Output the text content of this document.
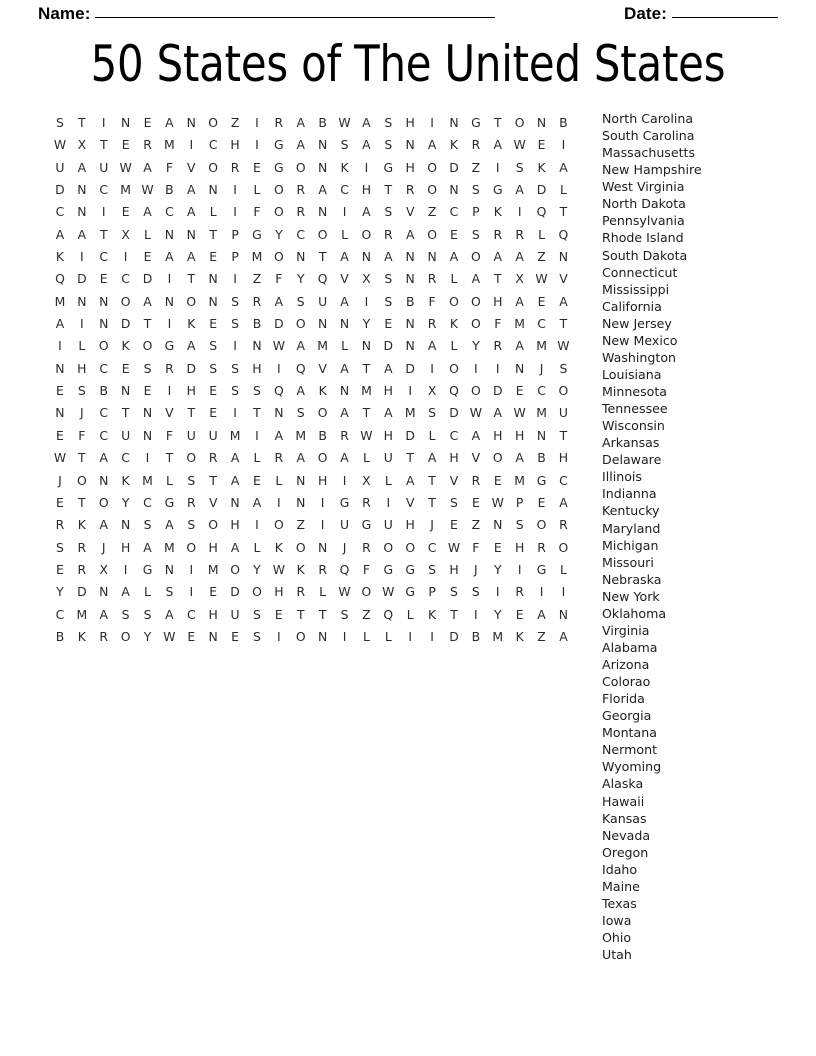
Name:	Date:
50 States of The United States
S	T	I	N	E	A	N	O	Z	I	R	A	B	W	A	S	H	I	N	G	T	O	N	B
W	X	T	E	R	M	I	C	H	I	G	A	N	S	A	S	N	A	K	R	A	W	E	I
U	A	U	W	A	F	V	O	R	E	G	O	N	K	I	G	H	O	D	Z	I	S	K	A
D	N	C	M	W	B	A	N	I	L	O	R	A	C	H	T	R	O	N	S	G	A	D	L
C	N	I	E	A	C	A	L	I	F	O	R	N	I	A	S	V	Z	C	P	K	I	Q	T
A	A	T	X	L	N	N	T	P	G	Y	C	O	L	O	R	A	O	E	S	R	R	L	Q
K	I	C	I	E	A	A	E	P	M	O	N	T	A	N	A	N	N	A	O	A	A	Z	N
Q	D	E	C	D	I	T	N	I	Z	F	Y	Q	V	X	S	N	R	L	A	T	X	W	V
M	N	N	O	A	N	O	N	S	R	A	S	U	A	I	S	B	F	O	O	H	A	E	A
A	I	N	D	T	I	K	E	S	B	D	O	N	N	Y	E	N	R	K	O	F	M	C	T
I	L	O	K	O	G	A	S	I	N	W	A	M	L	N	D	N	A	L	Y	R	A	M	W
N	H	C	E	S	R	D	S	S	H	I	Q	V	A	T	A	D	I	O	I	I	N	J	S
E	S	B	N	E	I	H	E	S	S	Q	A	K	N	M	H	I	X	Q	O	D	E	C	O
N	J	C	T	N	V	T	E	I	T	N	S	O	A	T	A	M	S	D	W	A	W	M	U
E	F	C	U	N	F	U	U	M	I	A	M	B	R	W	H	D	L	C	A	H	H	N	T
W	T	A	C	I	T	O	R	A	L	R	A	O	A	L	U	T	A	H	V	O	A	B	H
J	O	N	K	M	L	S	T	A	E	L	N	H	I	X	L	A	T	V	R	E	M	G	C
E	T	O	Y	C	G	R	V	N	A	I	N	I	G	R	I	V	T	S	E	W	P	E	A
R	K	A	N	S	A	S	O	H	I	O	Z	I	U	G	U	H	J	E	Z	N	S	O	R
S	R	J	H	A	M	O	H	A	L	K	O	N	J	R	O	O	C	W	F	E	H	R	O
E	R	X	I	G	N	I	M	O	Y	W	K	R	Q	F	G	G	S	H	J	Y	I	G	L
Y	D	N	A	L	S	I	E	D	O	H	R	L	W	O	W	G	P	S	S	I	R	I	I
C	M	A	S	S	A	C	H	U	S	E	T	T	S	Z	Q	L	K	T	I	Y	E	A	N
B	K	R	O	Y	W	E	N	E	S	I	O	N	I	L	L	I	I	D	B	M	K	Z	A
North Carolina
South Carolina
Massachusetts
New Hampshire
West Virginia
North Dakota
Pennsylvania
Rhode Island
South Dakota
Connecticut
Mississippi
California
New Jersey
New Mexico
Washington
Louisiana
Minnesota
Tennessee
Wisconsin
Arkansas
Delaware
Illinois
Indianna
Kentucky
Maryland
Michigan
Missouri
Nebraska
New York
Oklahoma
Virginia
Alabama
Arizona
Colorao
Florida
Georgia
Montana
Nermont
Wyoming
Alaska
Hawaii
Kansas
Nevada
Oregon
Idaho
Maine
Texas
Iowa
Ohio
Utah
